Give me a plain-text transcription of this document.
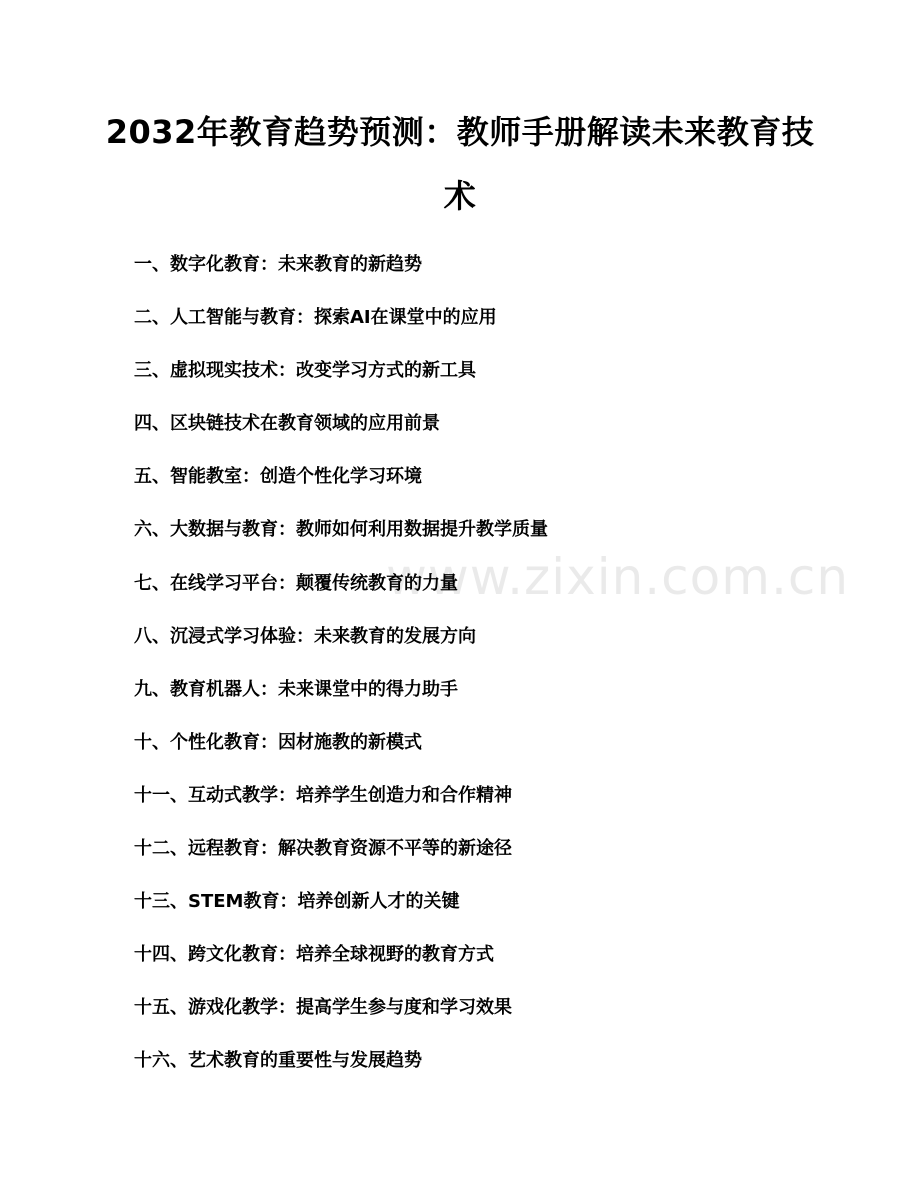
2032年教育趋势预测：教师手册解读未来教育技术
一、数字化教育：未来教育的新趋势
二、人工智能与教育：探索AI在课堂中的应用
三、虚拟现实技术：改变学习方式的新工具
四、区块链技术在教育领域的应用前景
五、智能教室：创造个性化学习环境
六、大数据与教育：教师如何利用数据提升教学质量
七、在线学习平台：颠覆传统教育的力量
八、沉浸式学习体验：未来教育的发展方向
九、教育机器人：未来课堂中的得力助手
十、个性化教育：因材施教的新模式
十一、互动式教学：培养学生创造力和合作精神
十二、远程教育：解决教育资源不平等的新途径
十三、STEM教育：培养创新人才的关键
十四、跨文化教育：培养全球视野的教育方式
十五、游戏化教学：提高学生参与度和学习效果
十六、艺术教育的重要性与发展趋势
www.zixin.com.cn
